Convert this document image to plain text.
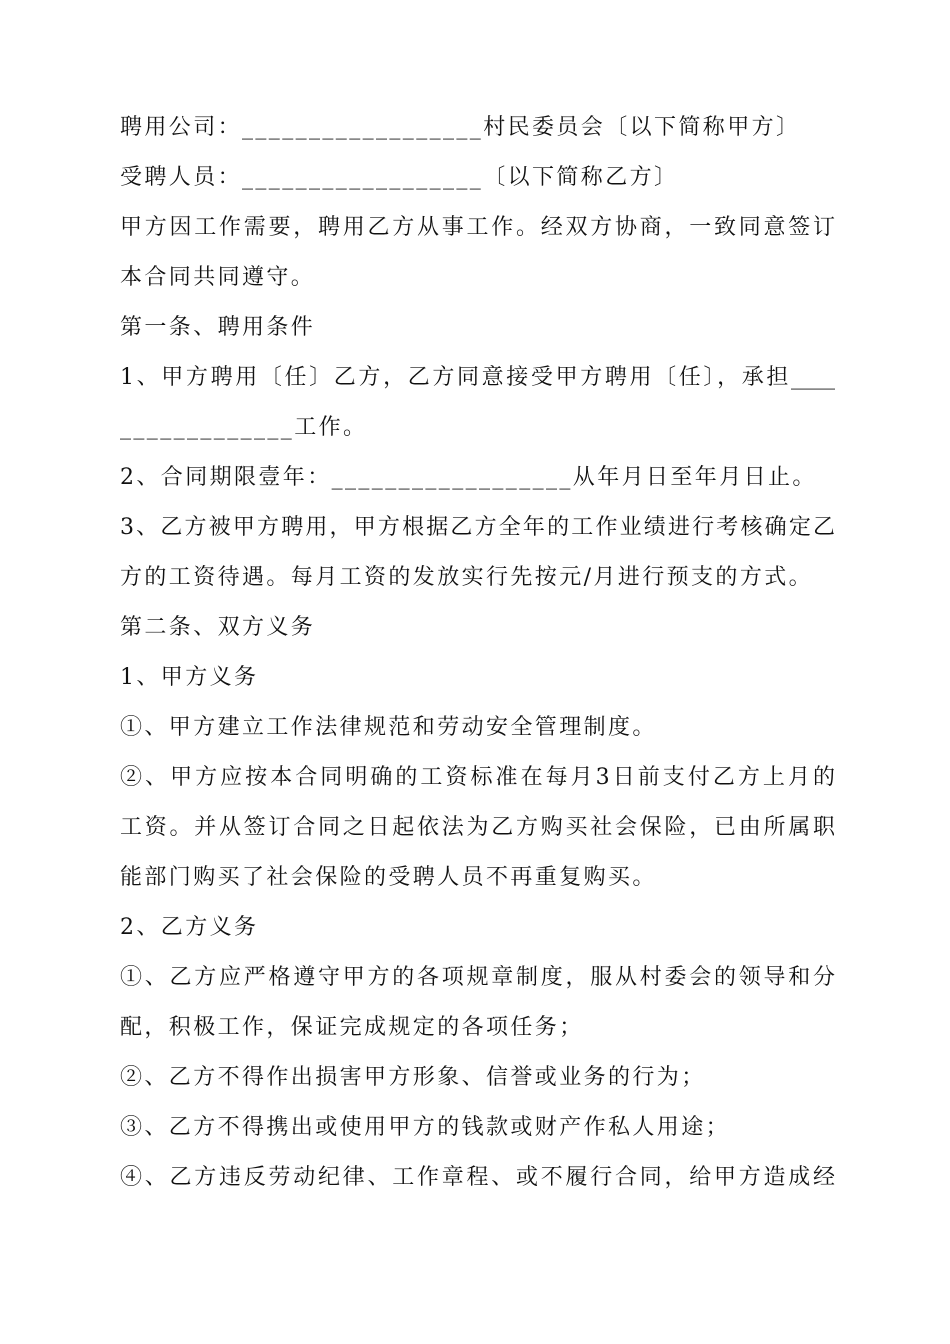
聘用公司：__________________村民委员会〔以下简称甲方〕
受聘人员：__________________〔以下简称乙方〕
甲方因工作需要，聘用乙方从事工作。经双方协商，一致同意签订
本合同共同遵守。
第一条、聘用条件
1、甲方聘用〔任〕乙方，乙方同意接受甲方聘用〔任〕，承担____
_____________工作。
2、合同期限壹年：__________________从年月日至年月日止。
3、乙方被甲方聘用，甲方根据乙方全年的工作业绩进行考核确定乙
方的工资待遇。每月工资的发放实行先按元/月进行预支的方式。
第二条、双方义务
1、甲方义务
①、甲方建立工作法律规范和劳动安全管理制度。
②、甲方应按本合同明确的工资标准在每月3日前支付乙方上月的
工资。并从签订合同之日起依法为乙方购买社会保险，已由所属职
能部门购买了社会保险的受聘人员不再重复购买。
2、乙方义务
①、乙方应严格遵守甲方的各项规章制度，服从村委会的领导和分
配，积极工作，保证完成规定的各项任务；
②、乙方不得作出损害甲方形象、信誉或业务的行为；
③、乙方不得携出或使用甲方的钱款或财产作私人用途；
④、乙方违反劳动纪律、工作章程、或不履行合同，给甲方造成经
